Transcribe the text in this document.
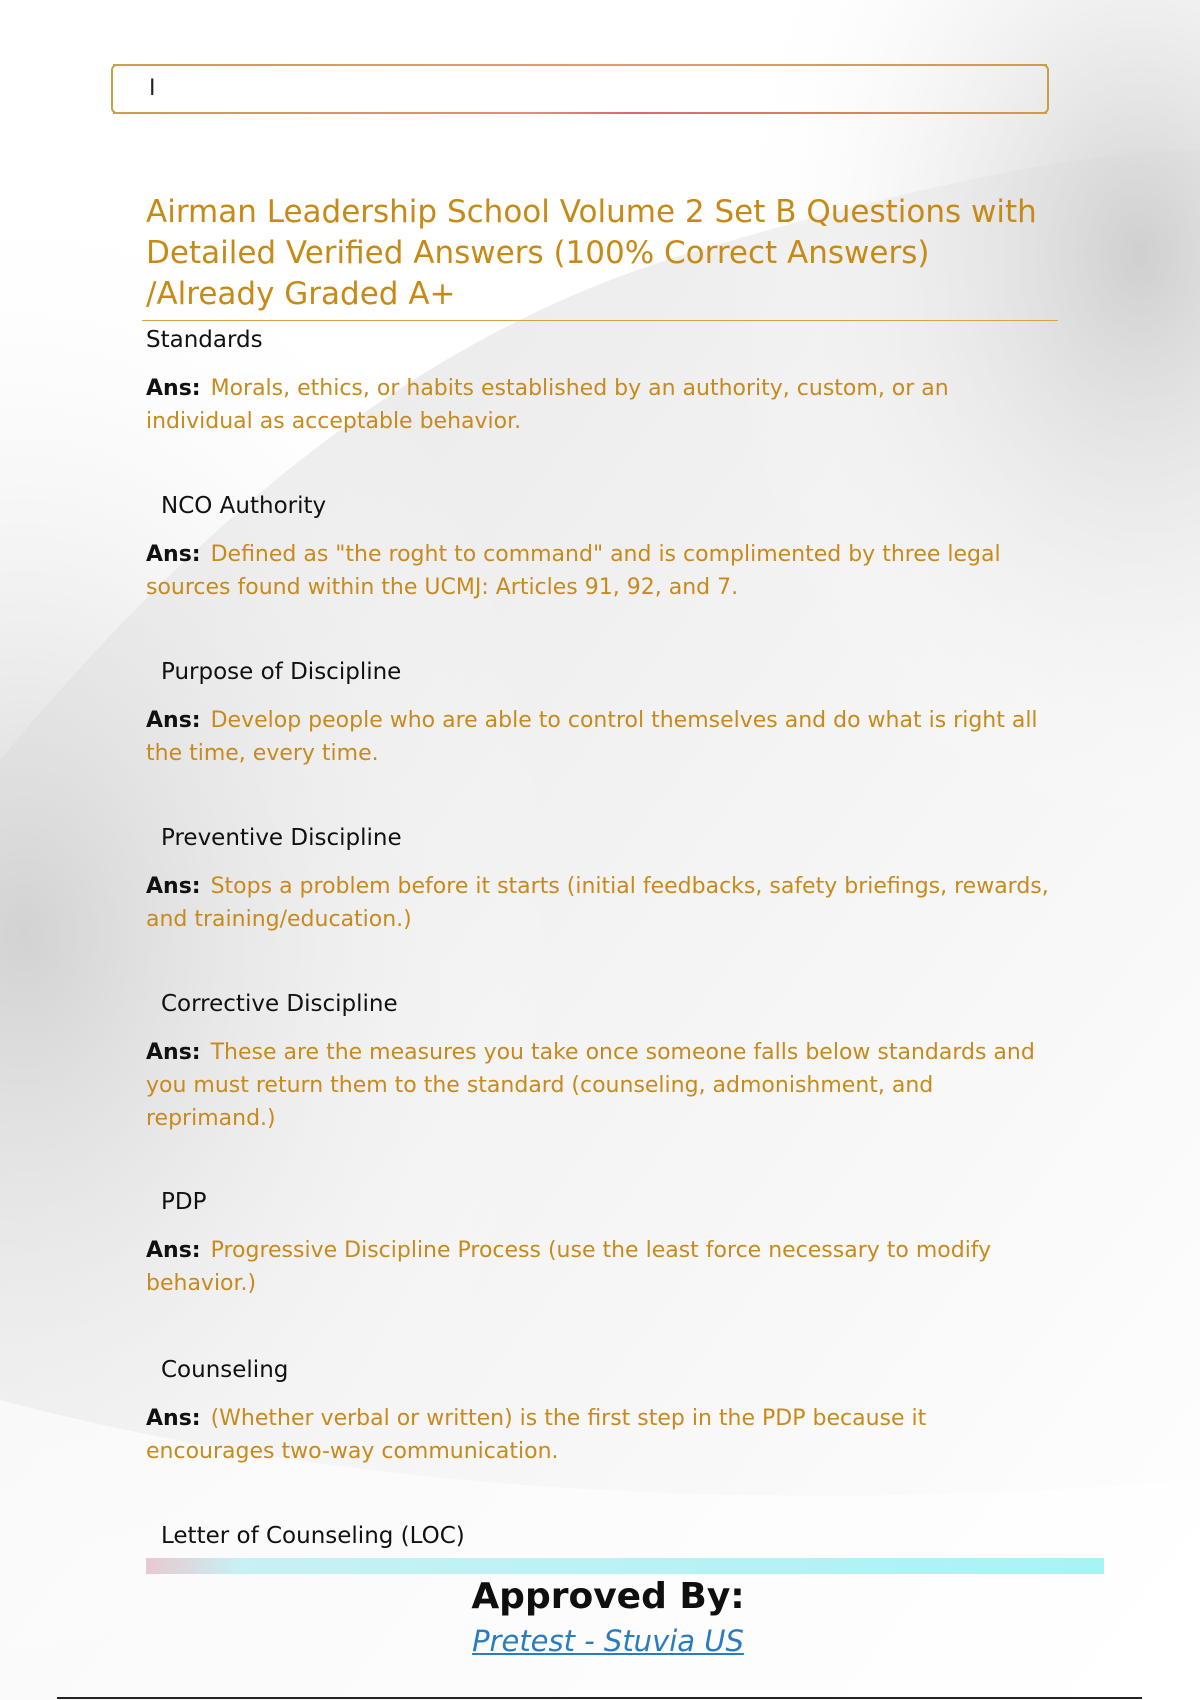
I
Airman Leadership School Volume 2 Set B Questions with Detailed Verified Answers (100% Correct Answers) /Already Graded A+

Standards

Ans: Morals, ethics, or habits established by an authority, custom, or an individual as acceptable behavior.

NCO Authority

Ans: Defined as "the roght to command" and is complimented by three legal sources found within the UCMJ: Articles 91, 92, and 7.

Purpose of Discipline

Ans: Develop people who are able to control themselves and do what is right all the time, every time.

Preventive Discipline

Ans: Stops a problem before it starts (initial feedbacks, safety briefings, rewards, and training/education.)

Corrective Discipline

Ans: These are the measures you take once someone falls below standards and you must return them to the standard (counseling, admonishment, and reprimand.)

PDP

Ans: Progressive Discipline Process (use the least force necessary to modify behavior.)

Counseling

Ans: (Whether verbal or written) is the first step in the PDP because it encourages two-way communication.

Letter of Counseling (LOC)

Approved By:
Pretest - Stuvia US
